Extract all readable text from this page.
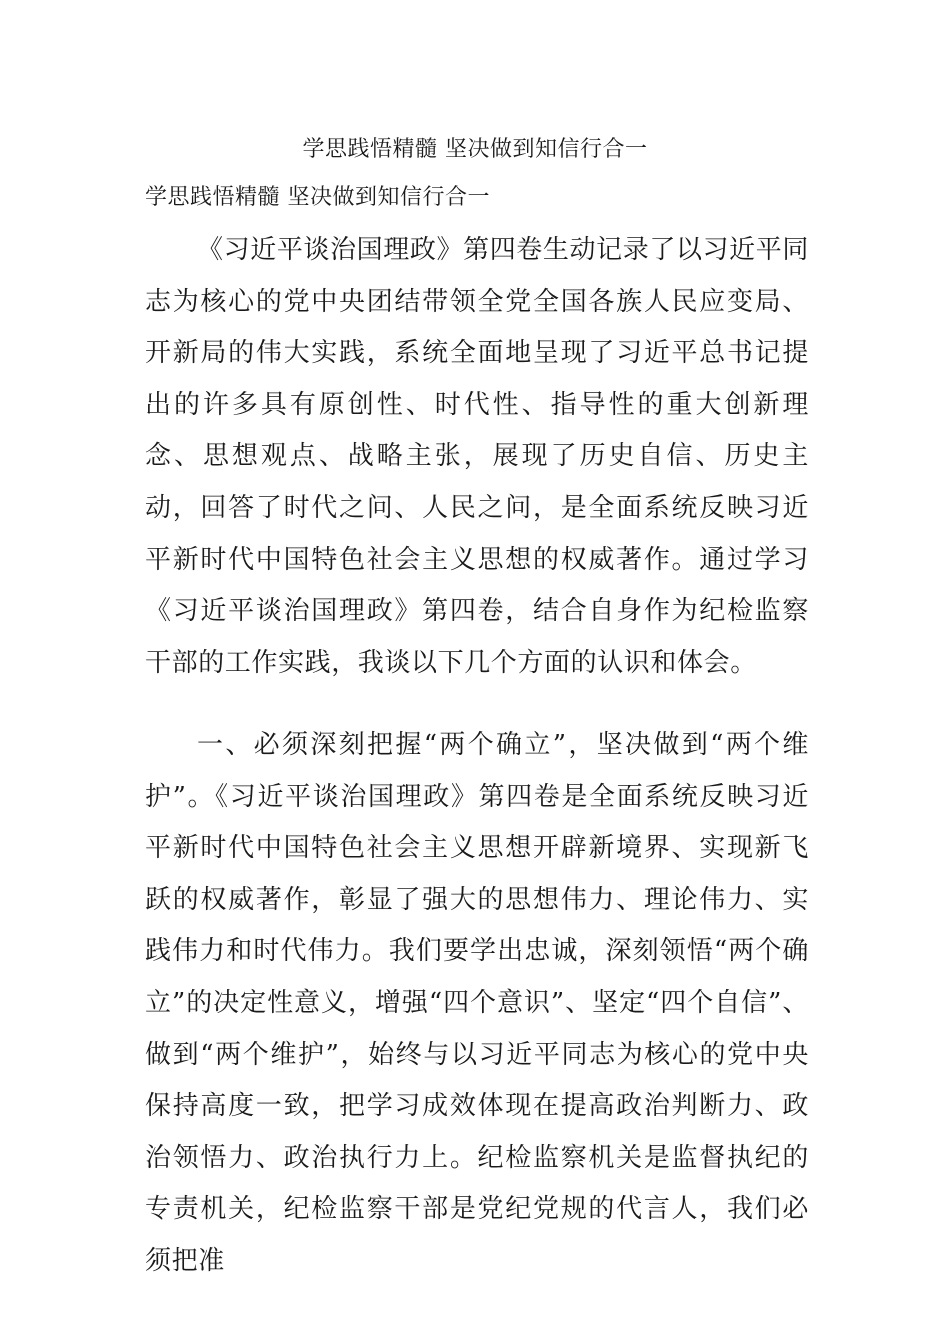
学思践悟精髓 坚决做到知信行合一
学思践悟精髓 坚决做到知信行合一

《习近平谈治国理政》第四卷生动记录了以习近平同志为核心的党中央团结带领全党全国各族人民应变局、开新局的伟大实践，系统全面地呈现了习近平总书记提出的许多具有原创性、时代性、指导性的重大创新理念、思想观点、战略主张，展现了历史自信、历史主动，回答了时代之问、人民之问，是全面系统反映习近平新时代中国特色社会主义思想的权威著作。通过学习《习近平谈治国理政》第四卷，结合自身作为纪检监察干部的工作实践，我谈以下几个方面的认识和体会。

一、必须深刻把握“两个确立”，坚决做到“两个维护”。《习近平谈治国理政》第四卷是全面系统反映习近平新时代中国特色社会主义思想开辟新境界、实现新飞跃的权威著作，彰显了强大的思想伟力、理论伟力、实践伟力和时代伟力。我们要学出忠诚，深刻领悟“两个确立”的决定性意义，增强“四个意识”、坚定“四个自信”、做到“两个维护”，始终与以习近平同志为核心的党中央保持高度一致，把学习成效体现在提高政治判断力、政治领悟力、政治执行力上。纪检监察机关是监督执纪的专责机关，纪检监察干部是党纪党规的代言人，我们必须把准
